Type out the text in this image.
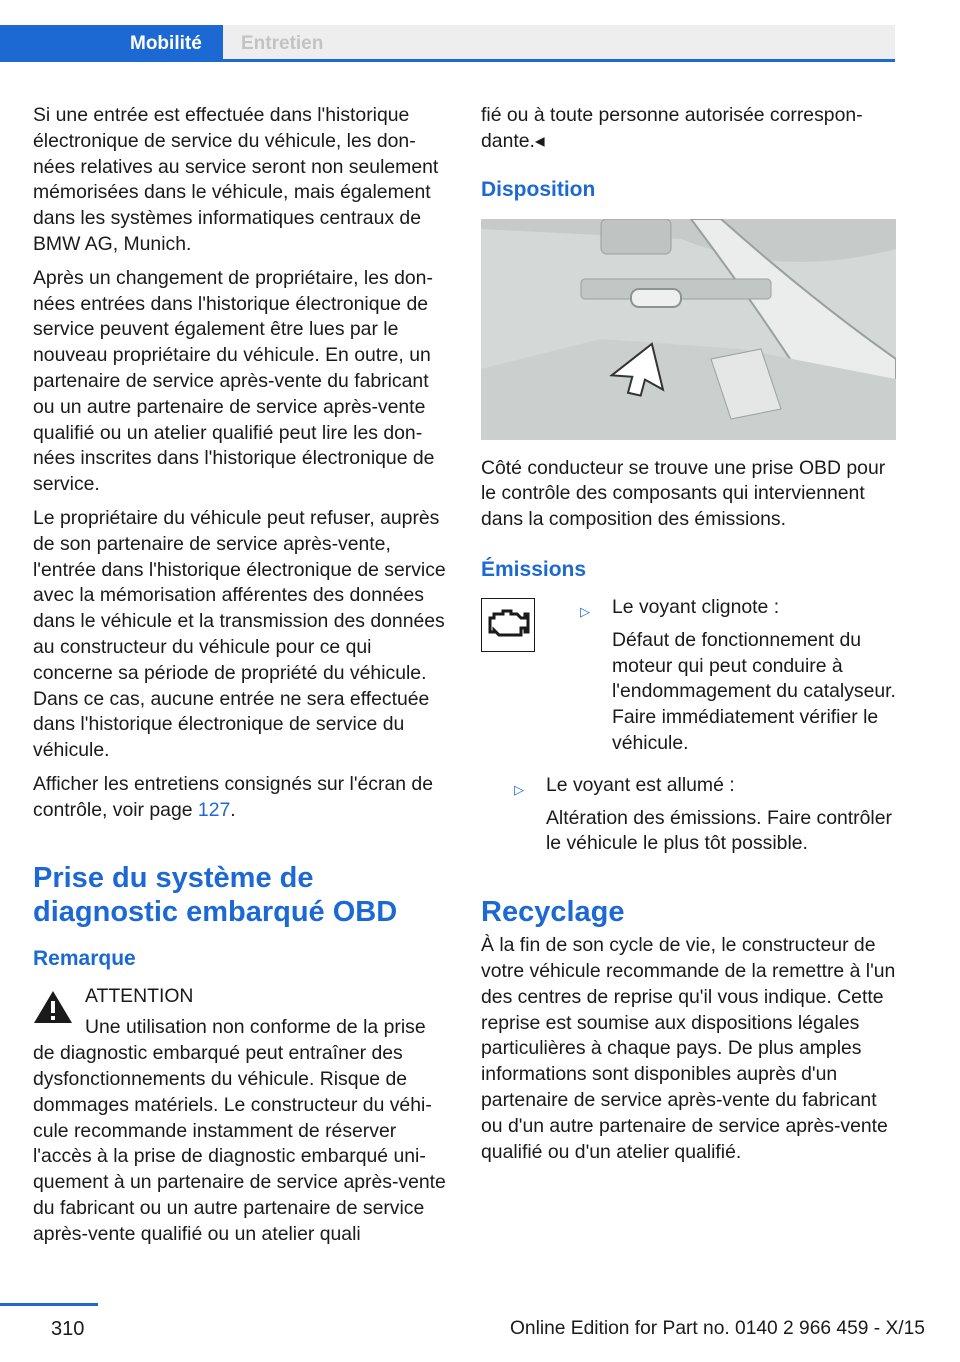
Mobilité Entretien

Si une entrée est effectuée dans l'historique électronique de service du véhicule, les données relatives au service seront non seulement mémorisées dans le véhicule, mais également dans les systèmes informatiques centraux de BMW AG, Munich.

Après un changement de propriétaire, les données entrées dans l'historique électronique de service peuvent également être lues par le nouveau propriétaire du véhicule. En outre, un partenaire de service après-vente du fabricant ou un autre partenaire de service après-vente qualifié ou un atelier qualifié peut lire les données inscrites dans l'historique électronique de service.

Le propriétaire du véhicule peut refuser, auprès de son partenaire de service après-vente, l'entrée dans l'historique électronique de service avec la mémorisation afférentes des données dans le véhicule et la transmission des données au constructeur du véhicule pour ce qui concerne sa période de propriété du véhicule. Dans ce cas, aucune entrée ne sera effectuée dans l'historique électronique de service du véhicule.

Afficher les entretiens consignés sur l'écran de contrôle, voir page 127.

Prise du système de diagnostic embarqué OBD
Remarque
ATTENTION

Une utilisation non conforme de la prise de diagnostic embarqué peut entraîner des dysfonctionnements du véhicule. Risque de dommages matériels. Le constructeur du véhicule recommande instamment de réserver l'accès à la prise de diagnostic embarqué uniquement à un partenaire de service après-vente du fabricant ou un autre partenaire de service après-vente qualifié ou un atelier quali

fié ou à toute personne autorisée correspondante.◂

Disposition

Côté conducteur se trouve une prise OBD pour le contrôle des composants qui interviennent dans la composition des émissions.

Émissions
▷ Le voyant clignote :
Défaut de fonctionnement du moteur qui peut conduire à l'endommagement du catalyseur. Faire immédiatement vérifier le véhicule.
▷ Le voyant est allumé :
Altération des émissions. Faire contrôler le véhicule le plus tôt possible.
Recyclage

À la fin de son cycle de vie, le constructeur de votre véhicule recommande de la remettre à l'un des centres de reprise qu'il vous indique. Cette reprise est soumise aux dispositions légales particulières à chaque pays. De plus amples informations sont disponibles auprès d'un partenaire de service après-vente du fabricant ou d'un autre partenaire de service après-vente qualifié ou d'un atelier qualifié.

310	Online Edition for Part no. 0140 2 966 459 - X/15
